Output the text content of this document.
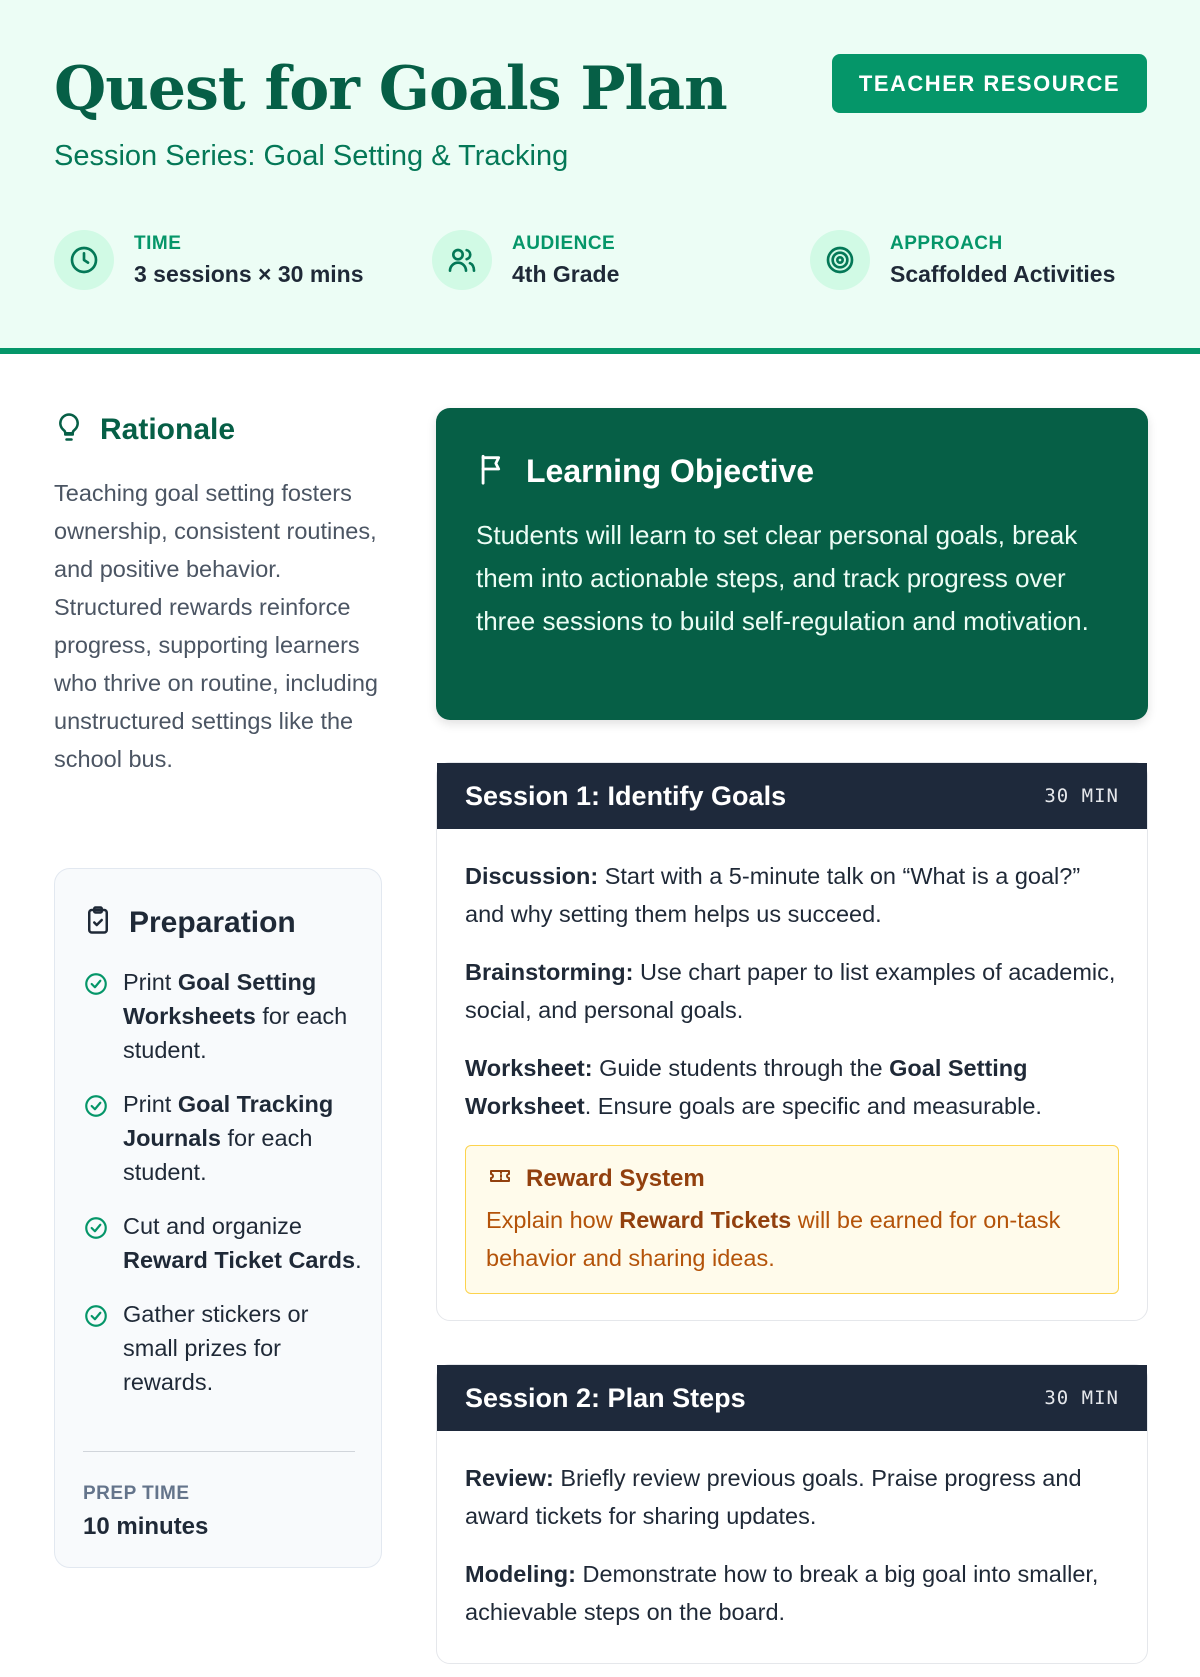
Quest for Goals Plan
Session Series: Goal Setting & Tracking
TEACHER RESOURCE
TIME
3 sessions × 30 mins
AUDIENCE
4th Grade
APPROACH
Scaffolded Activities
Rationale

Teaching goal setting fosters ownership, consistent routines, and positive behavior. Structured rewards reinforce progress, supporting learners who thrive on routine, including unstructured settings like the school bus.

Preparation
Print Goal Setting Worksheets for each student.
Print Goal Tracking Journals for each student.
Cut and organize Reward Ticket Cards.
Gather stickers or small prizes for rewards.
PREP TIME
10 minutes
Learning Objective

Students will learn to set clear personal goals, break them into actionable steps, and track progress over three sessions to build self-regulation and motivation.

Session 1: Identify Goals	30 MIN

Discussion: Start with a 5-minute talk on “What is a goal?” and why setting them helps us succeed.

Brainstorming: Use chart paper to list examples of academic, social, and personal goals.

Worksheet: Guide students through the Goal Setting Worksheet. Ensure goals are specific and measurable.

Reward System

Explain how Reward Tickets will be earned for on-task behavior and sharing ideas.

Session 2: Plan Steps	30 MIN

Review: Briefly review previous goals. Praise progress and award tickets for sharing updates.

Modeling: Demonstrate how to break a big goal into smaller, achievable steps on the board.
